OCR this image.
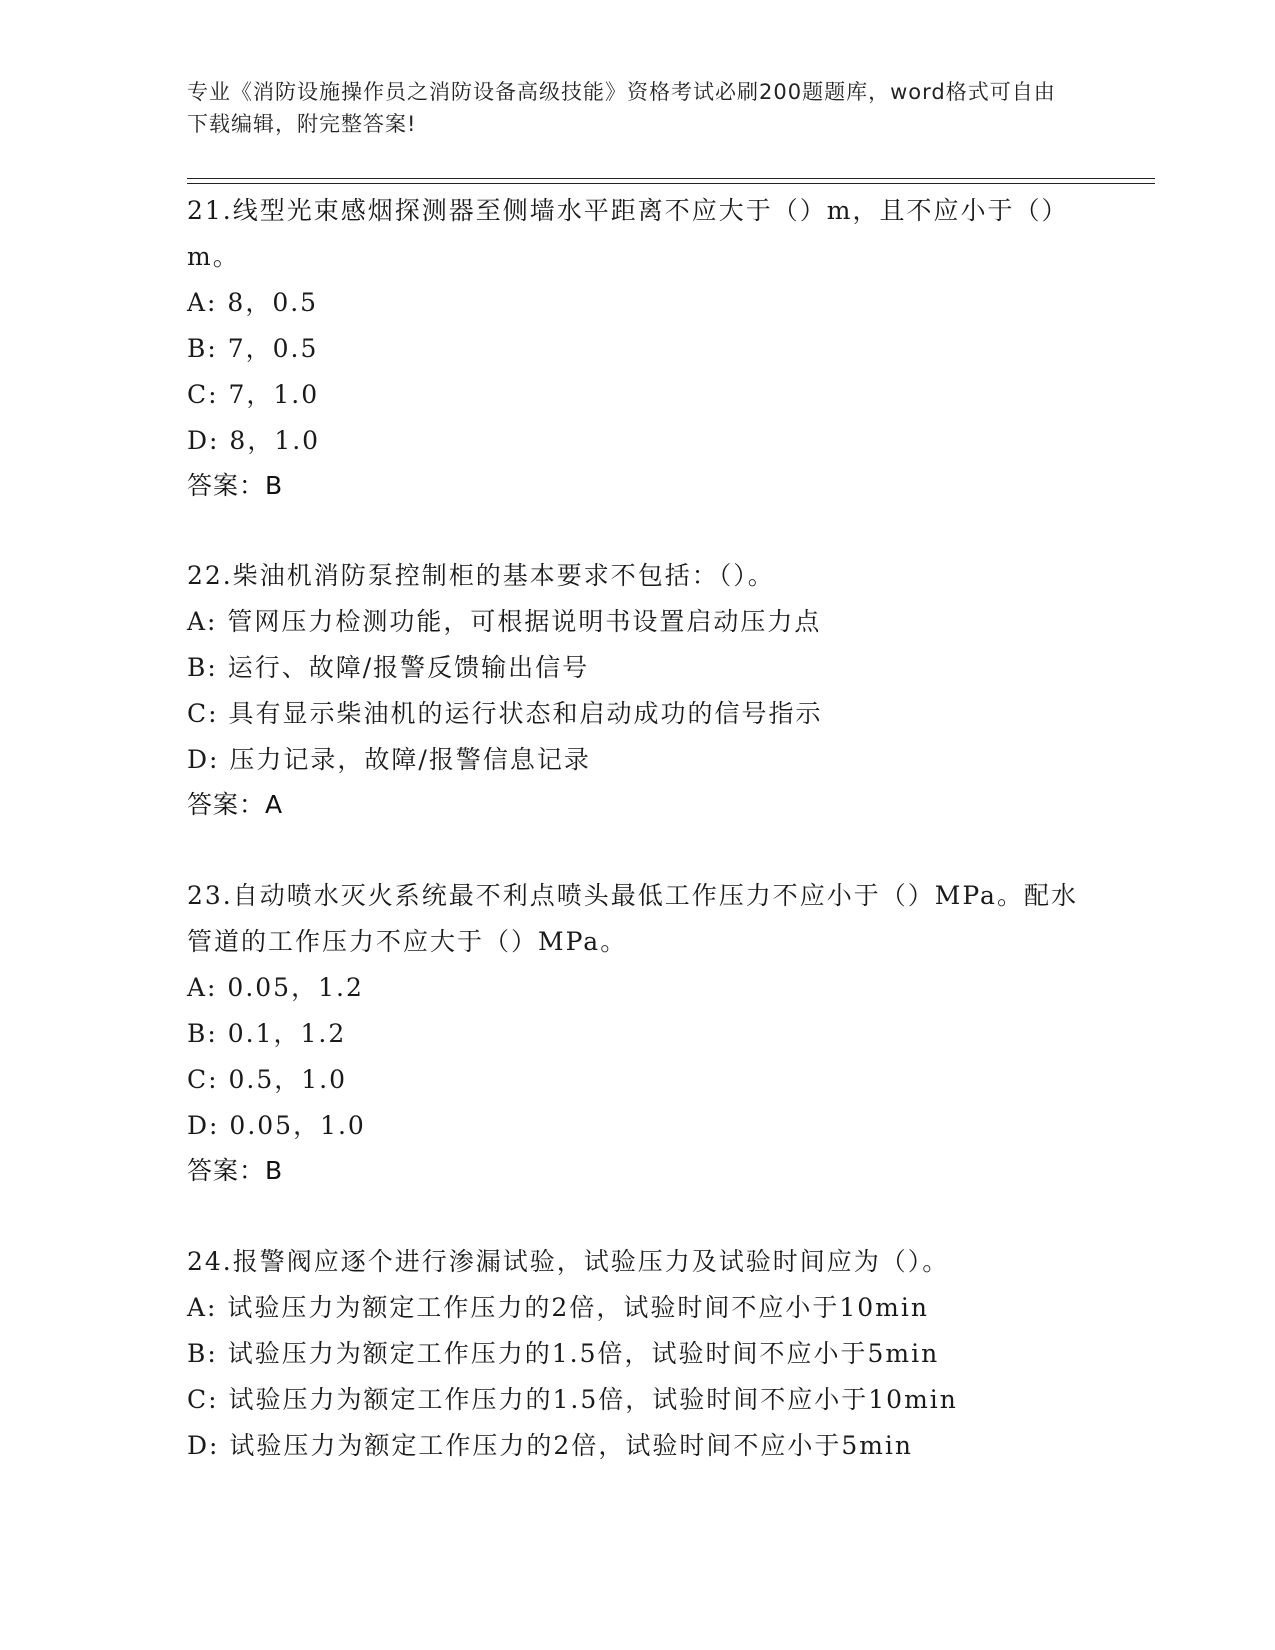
专业《消防设施操作员之消防设备高级技能》资格考试必刷200题题库，word格式可自由下载编辑，附完整答案!
21.线型光束感烟探测器至侧墙水平距离不应大于（）m，且不应小于（）m。
A: 8，0.5
B: 7，0.5
C: 7，1.0
D: 8，1.0
答案：B
22.柴油机消防泵控制柜的基本要求不包括：（）。
A: 管网压力检测功能，可根据说明书设置启动压力点
B: 运行、故障/报警反馈输出信号
C: 具有显示柴油机的运行状态和启动成功的信号指示
D: 压力记录，故障/报警信息记录
答案：A
23.自动喷水灭火系统最不利点喷头最低工作压力不应小于（）MPa。配水管道的工作压力不应大于（）MPa。
A: 0.05，1.2
B: 0.1，1.2
C: 0.5，1.0
D: 0.05，1.0
答案：B
24.报警阀应逐个进行渗漏试验，试验压力及试验时间应为（）。
A: 试验压力为额定工作压力的2倍，试验时间不应小于10min
B: 试验压力为额定工作压力的1.5倍，试验时间不应小于5min
C: 试验压力为额定工作压力的1.5倍，试验时间不应小于10min
D: 试验压力为额定工作压力的2倍，试验时间不应小于5min
